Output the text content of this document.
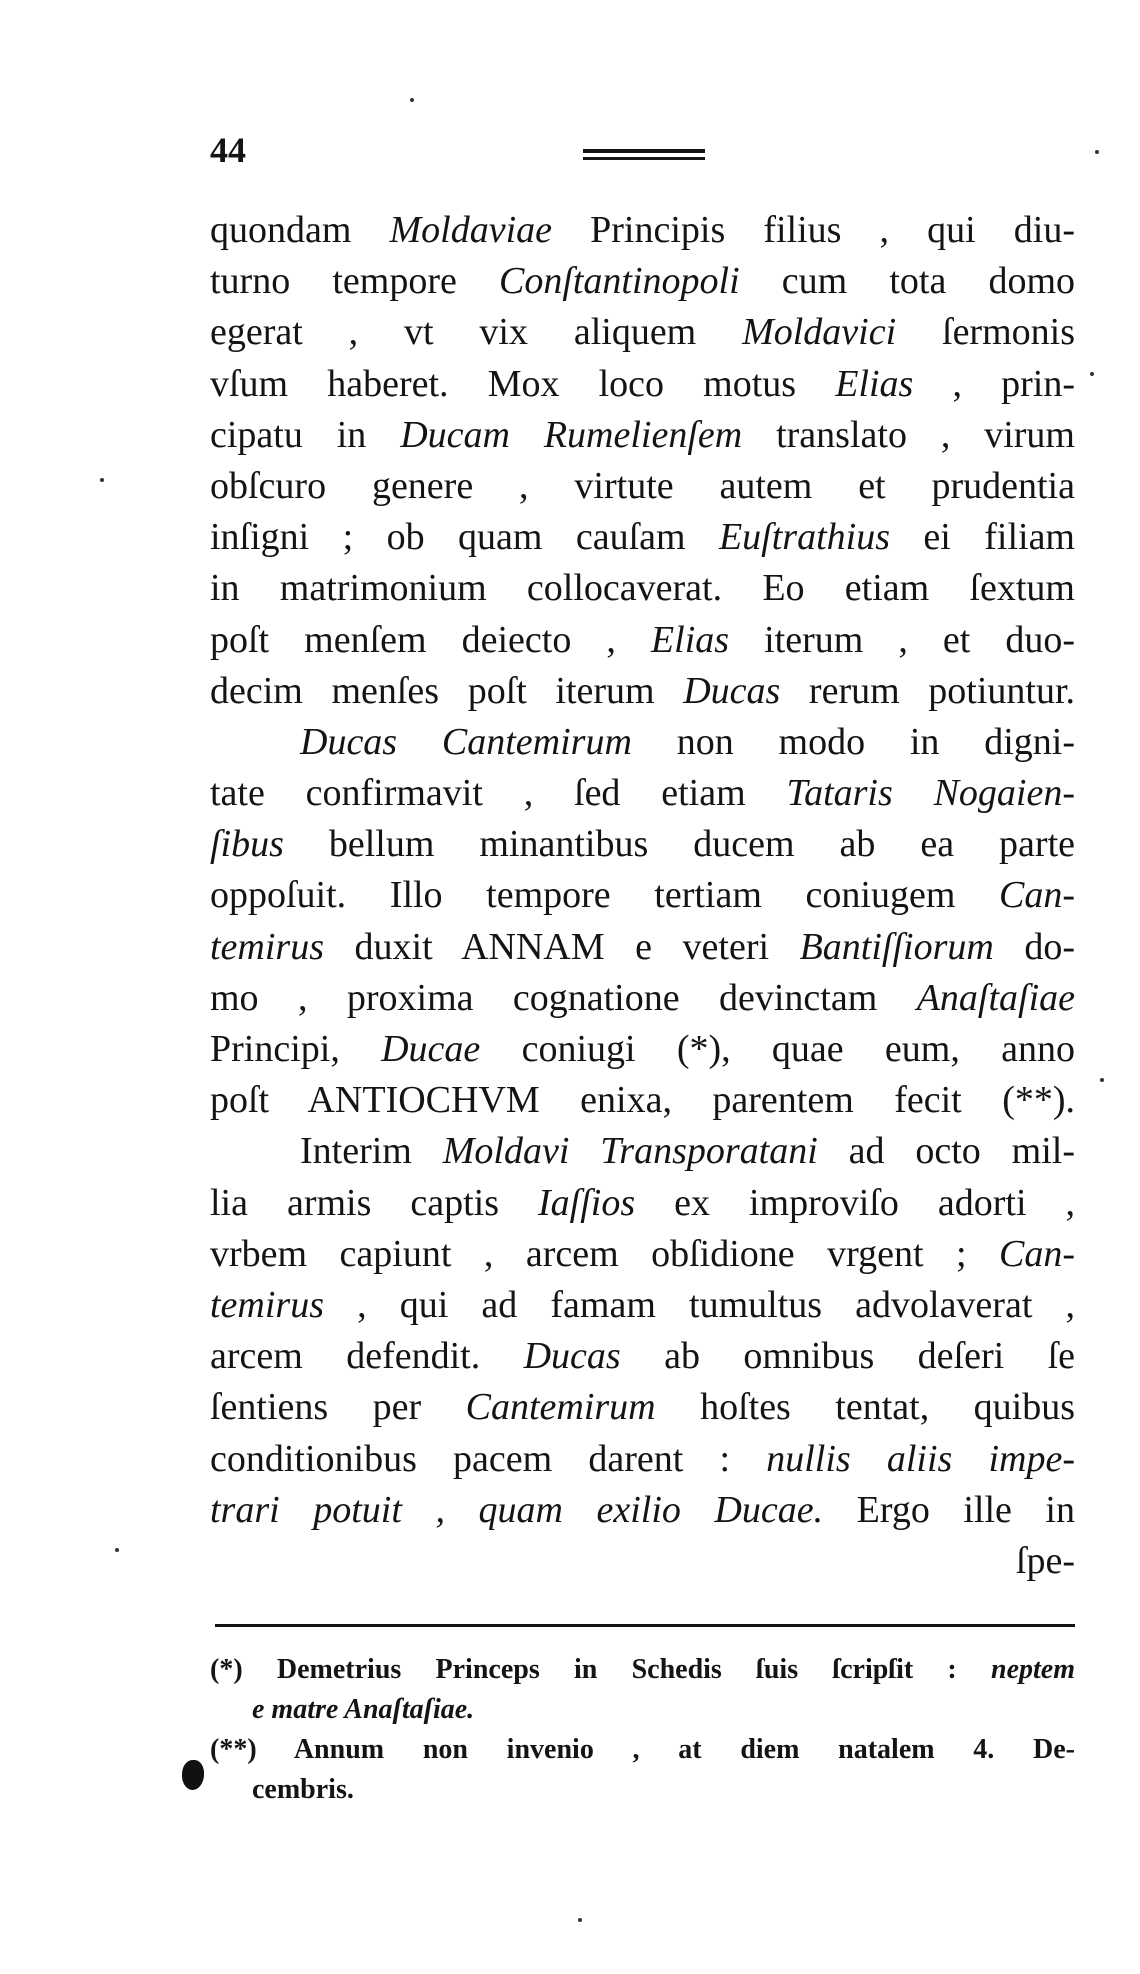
44
quondam Moldaviae Principis filius , qui diu-
turno tempore Conſtantinopoli cum tota domo
egerat , vt vix aliquem Moldavici ſermonis
vſum haberet. Mox loco motus Elias , prin-
cipatu in Ducam Rumelienſem translato , virum
obſcuro genere , virtute autem et prudentia
inſigni ; ob quam cauſam Euſtrathius ei filiam
in matrimonium collocaverat. Eo etiam ſextum
poſt menſem deiecto , Elias iterum , et duo-
decim menſes poſt iterum Ducas rerum potiuntur.
Ducas Cantemirum non modo in digni-
tate confirmavit , ſed etiam Tataris Nogaien-
ſibus bellum minantibus ducem ab ea parte
oppoſuit. Illo tempore tertiam coniugem Can-
temirus duxit ANNAM e veteri Bantiſſiorum do-
mo , proxima cognatione devinctam Anaſtaſiae
Principi, Ducae coniugi (*), quae eum, anno
poſt ANTIOCHVM enixa, parentem fecit (**).
Interim Moldavi Transporatani ad octo mil-
lia armis captis Iaſſios ex improviſo adorti ,
vrbem capiunt , arcem obſidione vrgent ; Can-
temirus , qui ad famam tumultus advolaverat ,
arcem defendit. Ducas ab omnibus deſeri ſe
ſentiens per Cantemirum hoſtes tentat, quibus
conditionibus pacem darent : nullis aliis impe-
trari potuit , quam exilio Ducae. Ergo ille in
ſpe-
(*) Demetrius Princeps in Schedis ſuis ſcripſit : neptem
e matre Anaſtaſiae.
(**) Annum non invenio , at diem natalem 4. De-
cembris.
